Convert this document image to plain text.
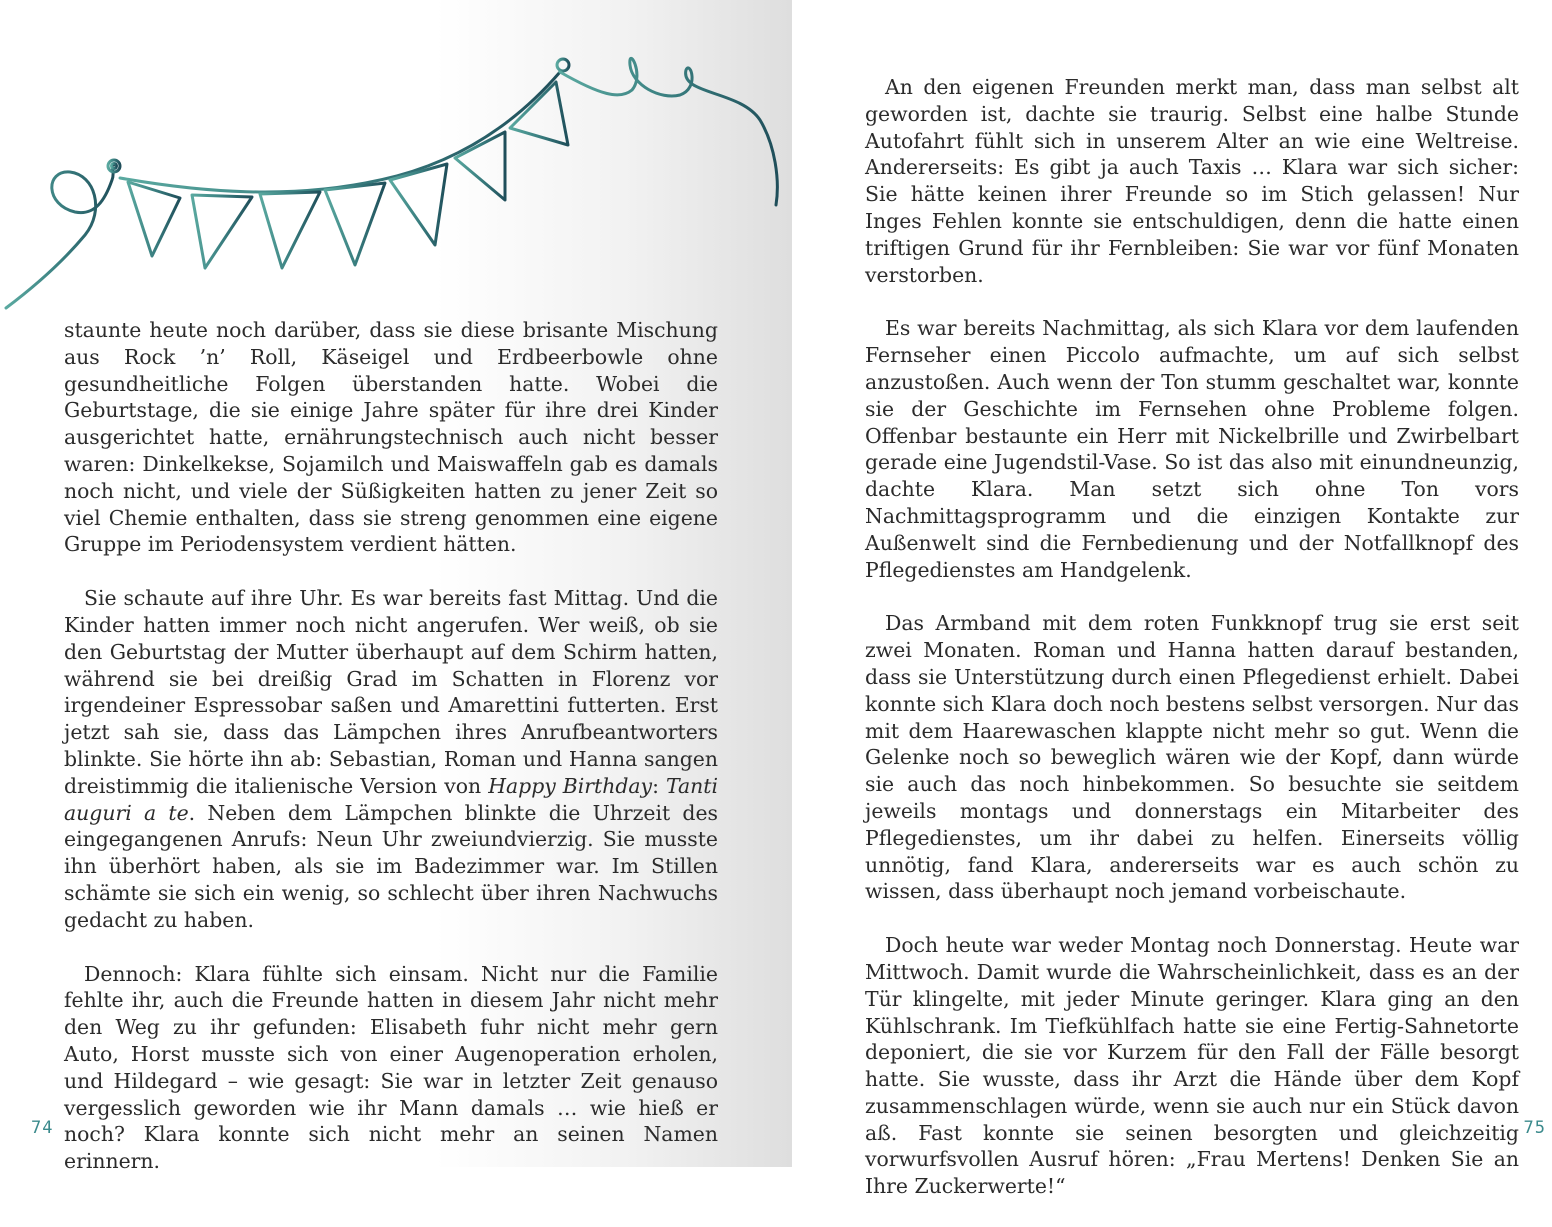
staunte heute noch darüber, dass sie diese brisante Mischung aus Rock ’n’ Roll, Käseigel und Erdbeerbowle ohne gesundheitliche Folgen überstanden hatte. Wobei die Geburtstage, die sie einige Jahre später für ihre drei Kinder ausgerichtet hatte, ernährungstechnisch auch nicht besser waren: Dinkelkekse, Sojamilch und Maiswaffeln gab es damals noch nicht, und viele der Süßigkeiten hatten zu jener Zeit so viel Chemie enthalten, dass sie streng genommen eine eigene Gruppe im Periodensystem verdient hätten.

Sie schaute auf ihre Uhr. Es war bereits fast Mittag. Und die Kinder hatten immer noch nicht angerufen. Wer weiß, ob sie den Geburtstag der Mutter überhaupt auf dem Schirm hatten, während sie bei dreißig Grad im Schatten in Florenz vor irgendeiner Espressobar saßen und Amarettini futterten. Erst jetzt sah sie, dass das Lämpchen ihres Anrufbeantworters blinkte. Sie hörte ihn ab: Sebastian, Roman und Hanna sangen dreistimmig die italienische Version von Happy Birthday: Tanti auguri a te. Neben dem Lämpchen blinkte die Uhrzeit des eingegangenen Anrufs: Neun Uhr zweiundvierzig. Sie musste ihn überhört haben, als sie im Badezimmer war. Im Stillen schämte sie sich ein wenig, so schlecht über ihren Nachwuchs gedacht zu haben.

Dennoch: Klara fühlte sich einsam. Nicht nur die Familie fehlte ihr, auch die Freunde hatten in diesem Jahr nicht mehr den Weg zu ihr gefunden: Elisabeth fuhr nicht mehr gern Auto, Horst musste sich von einer Augenoperation erholen, und Hildegard – wie gesagt: Sie war in letzter Zeit genauso vergesslich geworden wie ihr Mann damals … wie hieß er noch? Klara konnte sich nicht mehr an seinen Namen erinnern.

74

An den eigenen Freunden merkt man, dass man selbst alt geworden ist, dachte sie traurig. Selbst eine halbe Stunde Autofahrt fühlt sich in unserem Alter an wie eine Weltreise. Andererseits: Es gibt ja auch Taxis … Klara war sich sicher: Sie hätte keinen ihrer Freunde so im Stich gelassen! Nur Inges Fehlen konnte sie entschuldigen, denn die hatte einen triftigen Grund für ihr Fernbleiben: Sie war vor fünf Monaten verstorben.

Es war bereits Nachmittag, als sich Klara vor dem laufenden Fernseher einen Piccolo aufmachte, um auf sich selbst anzustoßen. Auch wenn der Ton stumm geschaltet war, konnte sie der Geschichte im Fernsehen ohne Probleme folgen. Offenbar bestaunte ein Herr mit Nickelbrille und Zwirbelbart gerade eine Jugendstil-Vase. So ist das also mit einundneunzig, dachte Klara. Man setzt sich ohne Ton vors Nachmittagsprogramm und die einzigen Kontakte zur Außenwelt sind die Fernbedienung und der Notfallknopf des Pflegedienstes am Handgelenk.

Das Armband mit dem roten Funkknopf trug sie erst seit zwei Monaten. Roman und Hanna hatten darauf bestanden, dass sie Unterstützung durch einen Pflegedienst erhielt. Dabei konnte sich Klara doch noch bestens selbst versorgen. Nur das mit dem Haarewaschen klappte nicht mehr so gut. Wenn die Gelenke noch so beweglich wären wie der Kopf, dann würde sie auch das noch hinbekommen. So besuchte sie seitdem jeweils montags und donnerstags ein Mitarbeiter des Pflegedienstes, um ihr dabei zu helfen. Einerseits völlig unnötig, fand Klara, andererseits war es auch schön zu wissen, dass überhaupt noch jemand vorbeischaute.

Doch heute war weder Montag noch Donnerstag. Heute war Mittwoch. Damit wurde die Wahrscheinlichkeit, dass es an der Tür klingelte, mit jeder Minute geringer. Klara ging an den Kühlschrank. Im Tiefkühlfach hatte sie eine Fertig-Sahnetorte deponiert, die sie vor Kurzem für den Fall der Fälle besorgt hatte. Sie wusste, dass ihr Arzt die Hände über dem Kopf zusammenschlagen würde, wenn sie auch nur ein Stück davon aß. Fast konnte sie seinen besorgten und gleichzeitig vorwurfsvollen Ausruf hören: „Frau Mertens! Denken Sie an Ihre Zuckerwerte!“

75
